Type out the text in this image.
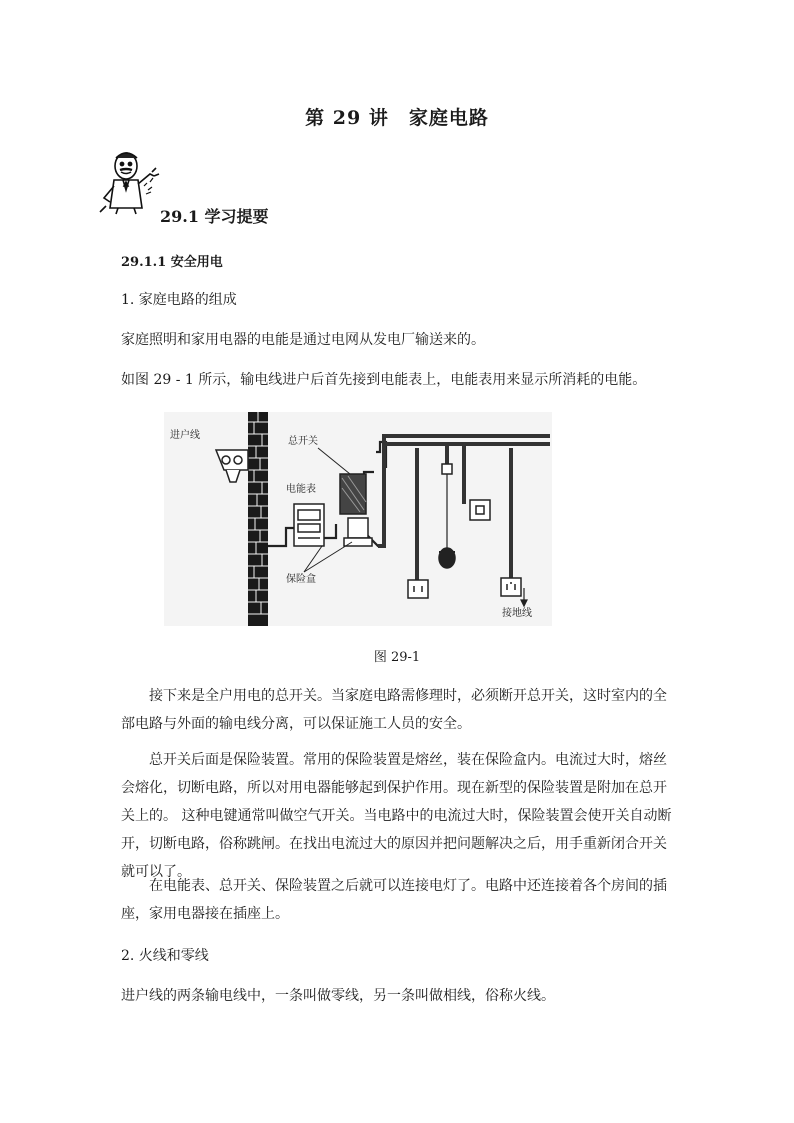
第 29 讲　家庭电路
29.1 学习提要
29.1.1 安全用电
1. 家庭电路的组成
家庭照明和家用电器的电能是通过电网从发电厂输送来的。
如图 29 - 1 所示，输电线进户后首先接到电能表上，电能表用来显示所消耗的电能。
进户线
总开关
电能表
保险盒
接地线
图 29-1
接下来是全户用电的总开关。当家庭电路需修理时，必须断开总开关，这时室内的全部电路与外面的输电线分离，可以保证施工人员的安全。
总开关后面是保险装置。常用的保险装置是熔丝，装在保险盒内。电流过大时，熔丝会熔化，切断电路，所以对用电器能够起到保护作用。现在新型的保险装置是附加在总开关上的。 这种电键通常叫做空气开关。当电路中的电流过大时，保险装置会使开关自动断开，切断电路，俗称跳闸。在找出电流过大的原因并把问题解决之后，用手重新闭合开关就可以了。
在电能表、总开关、保险装置之后就可以连接电灯了。电路中还连接着各个房间的插座，家用电器接在插座上。
2. 火线和零线
进户线的两条输电线中，一条叫做零线，另一条叫做相线，俗称火线。
